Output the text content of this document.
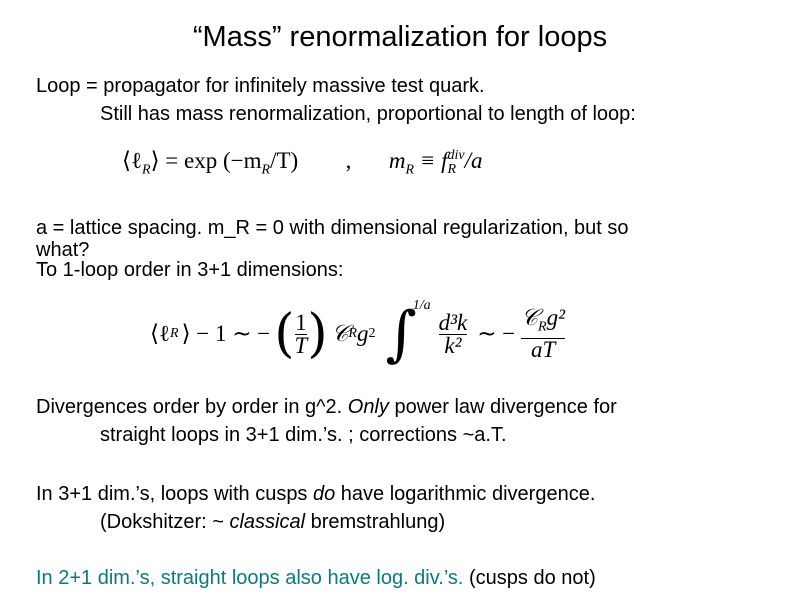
“Mass” renormalization for loops
Loop = propagator for infinitely massive test quark.
Still has mass renormalization, proportional to length of loop:
⟨ℓ$_R$⟩ = $\exp (-m_R/T)$ , $m_R \equiv f$ div
R /a
a = lattice spacing. m_R = 0 with dimensional regularization, but so
what?
To 1-loop order in 3+1 dimensions:
⟨ℓ R ⟩ − 1 ∼ − ( $\frac{1}{T}$ ) 𝒞 R g 2 ∫
1/a
$\frac{\text{d³k}}{\text{k²}}$ ∼ − $\frac{𝒞_Rg^2}{aT}$
Divergences order by order in g^2. Only power law divergence for
straight loops in 3+1 dim.’s. ; corrections ~a.T.
In 3+1 dim.’s, loops with cusps do have logarithmic divergence.
(Dokshitzer: ~ classical bremstrahlung)
In 2+1 dim.’s, straight loops also have log. div.’s. (cusps do not)
